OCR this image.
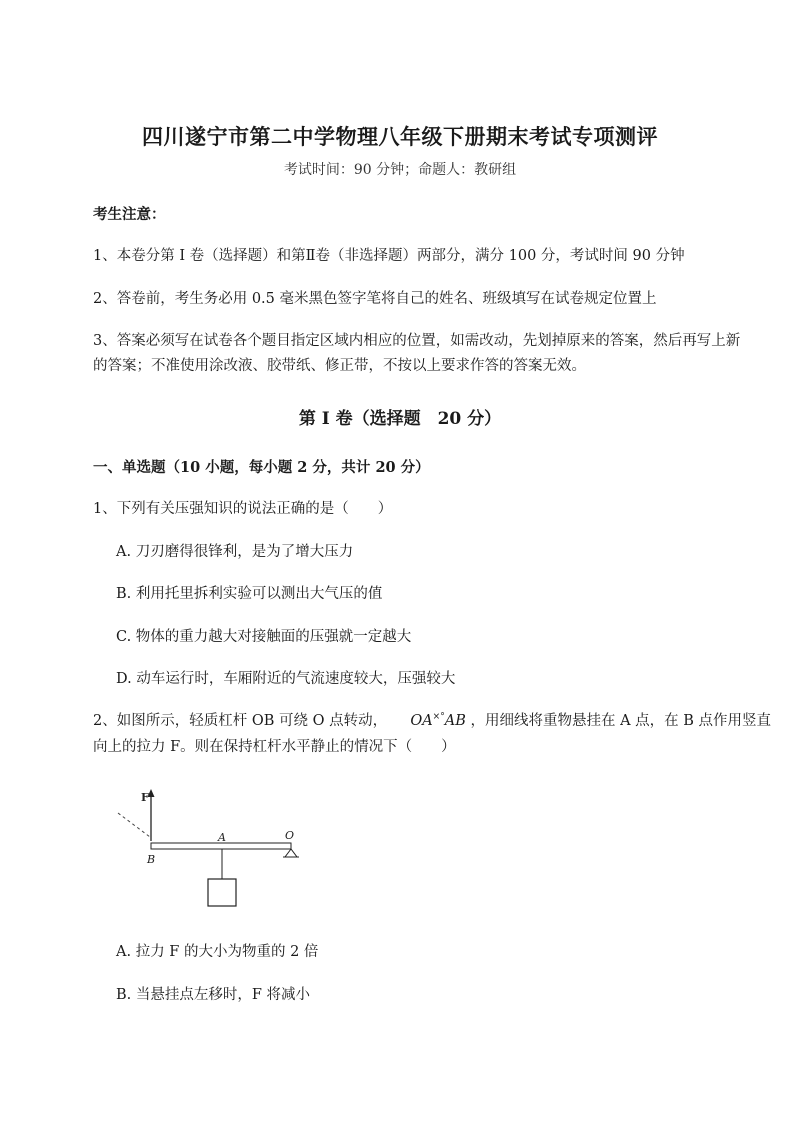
四川遂宁市第二中学物理八年级下册期末考试专项测评
考试时间：90 分钟；命题人：教研组
考生注意：
1、本卷分第 I 卷（选择题）和第Ⅱ卷（非选择题）两部分，满分 100 分，考试时间 90 分钟
2、答卷前，考生务必用 0.5 毫米黑色签字笔将自己的姓名、班级填写在试卷规定位置上
3、答案必须写在试卷各个题目指定区域内相应的位置，如需改动，先划掉原来的答案，然后再写上新
的答案；不准使用涂改液、胶带纸、修正带，不按以上要求作答的答案无效。
第 I 卷（选择题　20 分）
一、单选题（10 小题，每小题 2 分，共计 20 分）
1、下列有关压强知识的说法正确的是（　　）
A. 刀刃磨得很锋利，是为了增大压力
B. 利用托里拆利实验可以测出大气压的值
C. 物体的重力越大对接触面的压强就一定越大
D. 动车运行时，车厢附近的气流速度较大，压强较大
2、如图所示，轻质杠杆 OB 可绕 O 点转动， OA×°AB ，用细线将重物悬挂在 A 点，在 B 点作用竖直
向上的拉力 F。则在保持杠杆水平静止的情况下（　　）
F
O
A
B
A. 拉力 F 的大小为物重的 2 倍
B. 当悬挂点左移时，F 将减小
